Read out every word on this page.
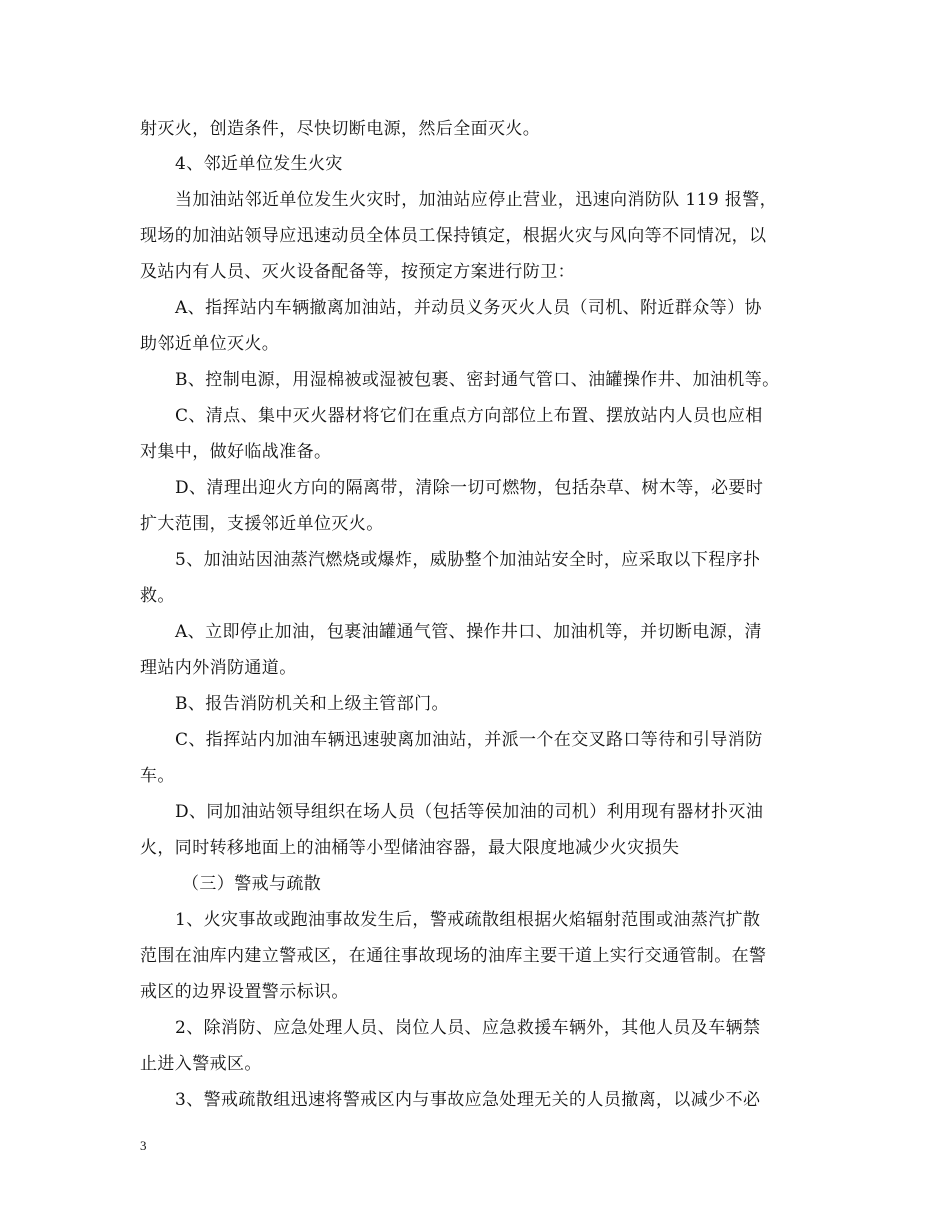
射灭火，创造条件，尽快切断电源，然后全面灭火。
4、邻近单位发生火灾
当加油站邻近单位发生火灾时，加油站应停止营业，迅速向消防队 119 报警，
现场的加油站领导应迅速动员全体员工保持镇定，根据火灾与风向等不同情况，以
及站内有人员、灭火设备配备等，按预定方案进行防卫：
A、指挥站内车辆撤离加油站，并动员义务灭火人员（司机、附近群众等）协
助邻近单位灭火。
B、控制电源，用湿棉被或湿被包裹、密封通气管口、油罐操作井、加油机等。
C、清点、集中灭火器材将它们在重点方向部位上布置、摆放站内人员也应相
对集中，做好临战准备。
D、清理出迎火方向的隔离带，清除一切可燃物，包括杂草、树木等，必要时
扩大范围，支援邻近单位灭火。
5、加油站因油蒸汽燃烧或爆炸，威胁整个加油站安全时，应采取以下程序扑
救。
A、立即停止加油，包裹油罐通气管、操作井口、加油机等，并切断电源，清
理站内外消防通道。
B、报告消防机关和上级主管部门。
C、指挥站内加油车辆迅速驶离加油站，并派一个在交叉路口等待和引导消防
车。
D、同加油站领导组织在场人员（包括等侯加油的司机）利用现有器材扑灭油
火，同时转移地面上的油桶等小型储油容器，最大限度地减少火灾损失
（三）警戒与疏散
1、火灾事故或跑油事故发生后，警戒疏散组根据火焰辐射范围或油蒸汽扩散
范围在油库内建立警戒区，在通往事故现场的油库主要干道上实行交通管制。在警
戒区的边界设置警示标识。
2、除消防、应急处理人员、岗位人员、应急救援车辆外，其他人员及车辆禁
止进入警戒区。
3、警戒疏散组迅速将警戒区内与事故应急处理无关的人员撤离，以减少不必
3
